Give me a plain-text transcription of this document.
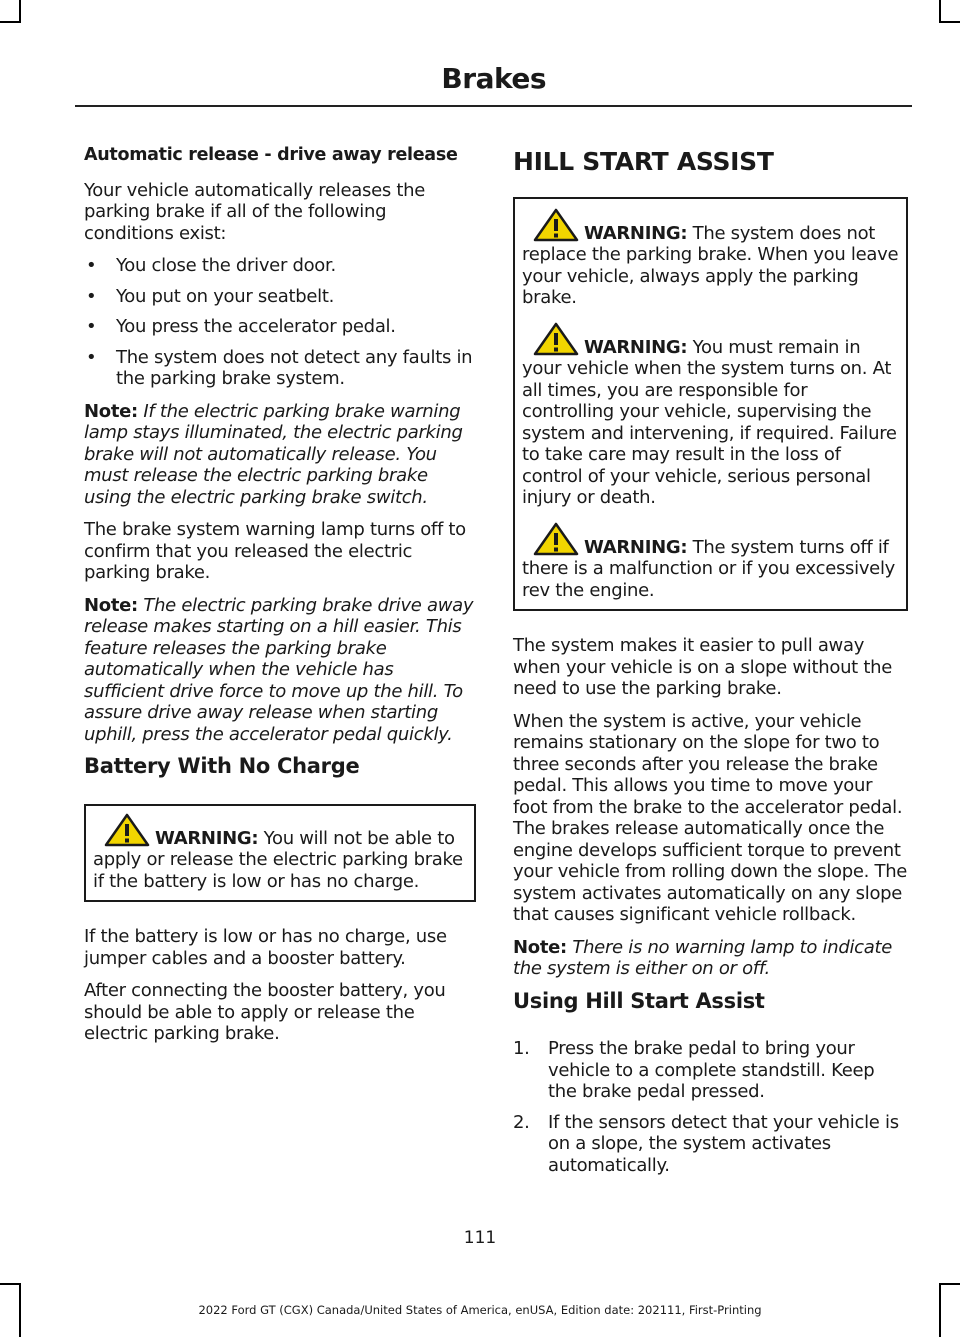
Brakes

Automatic release - drive away release

Your vehicle automatically releases the parking brake if all of the following conditions exist:

• You close the driver door.
• You put on your seatbelt.
• You press the accelerator pedal.
• The system does not detect any faults in the parking brake system.

Note: If the electric parking brake warning lamp stays illuminated, the electric parking brake will not automatically release. You must release the electric parking brake using the electric parking brake switch.

The brake system warning lamp turns off to confirm that you released the electric parking brake.

Note: The electric parking brake drive away release makes starting on a hill easier. This feature releases the parking brake automatically when the vehicle has sufficient drive force to move up the hill. To assure drive away release when starting uphill, press the accelerator pedal quickly.

Battery With No Charge

WARNING: You will not be able to apply or release the electric parking brake if the battery is low or has no charge.

If the battery is low or has no charge, use jumper cables and a booster battery.

After connecting the booster battery, you should be able to apply or release the electric parking brake.

HILL START ASSIST

WARNING: The system does not replace the parking brake. When you leave your vehicle, always apply the parking brake.
WARNING: You must remain in your vehicle when the system turns on. At all times, you are responsible for controlling your vehicle, supervising the system and intervening, if required. Failure to take care may result in the loss of control of your vehicle, serious personal injury or death.
WARNING: The system turns off if there is a malfunction or if you excessively rev the engine.

The system makes it easier to pull away when your vehicle is on a slope without the need to use the parking brake.

When the system is active, your vehicle remains stationary on the slope for two to three seconds after you release the brake pedal. This allows you time to move your foot from the brake to the accelerator pedal. The brakes release automatically once the engine develops sufficient torque to prevent your vehicle from rolling down the slope. The system activates automatically on any slope that causes significant vehicle rollback.

Note: There is no warning lamp to indicate the system is either on or off.

Using Hill Start Assist

1. Press the brake pedal to bring your vehicle to a complete standstill. Keep the brake pedal pressed.
2. If the sensors detect that your vehicle is on a slope, the system activates automatically.
111
2022 Ford GT (CGX) Canada/United States of America, enUSA, Edition date: 202111, First-Printing
